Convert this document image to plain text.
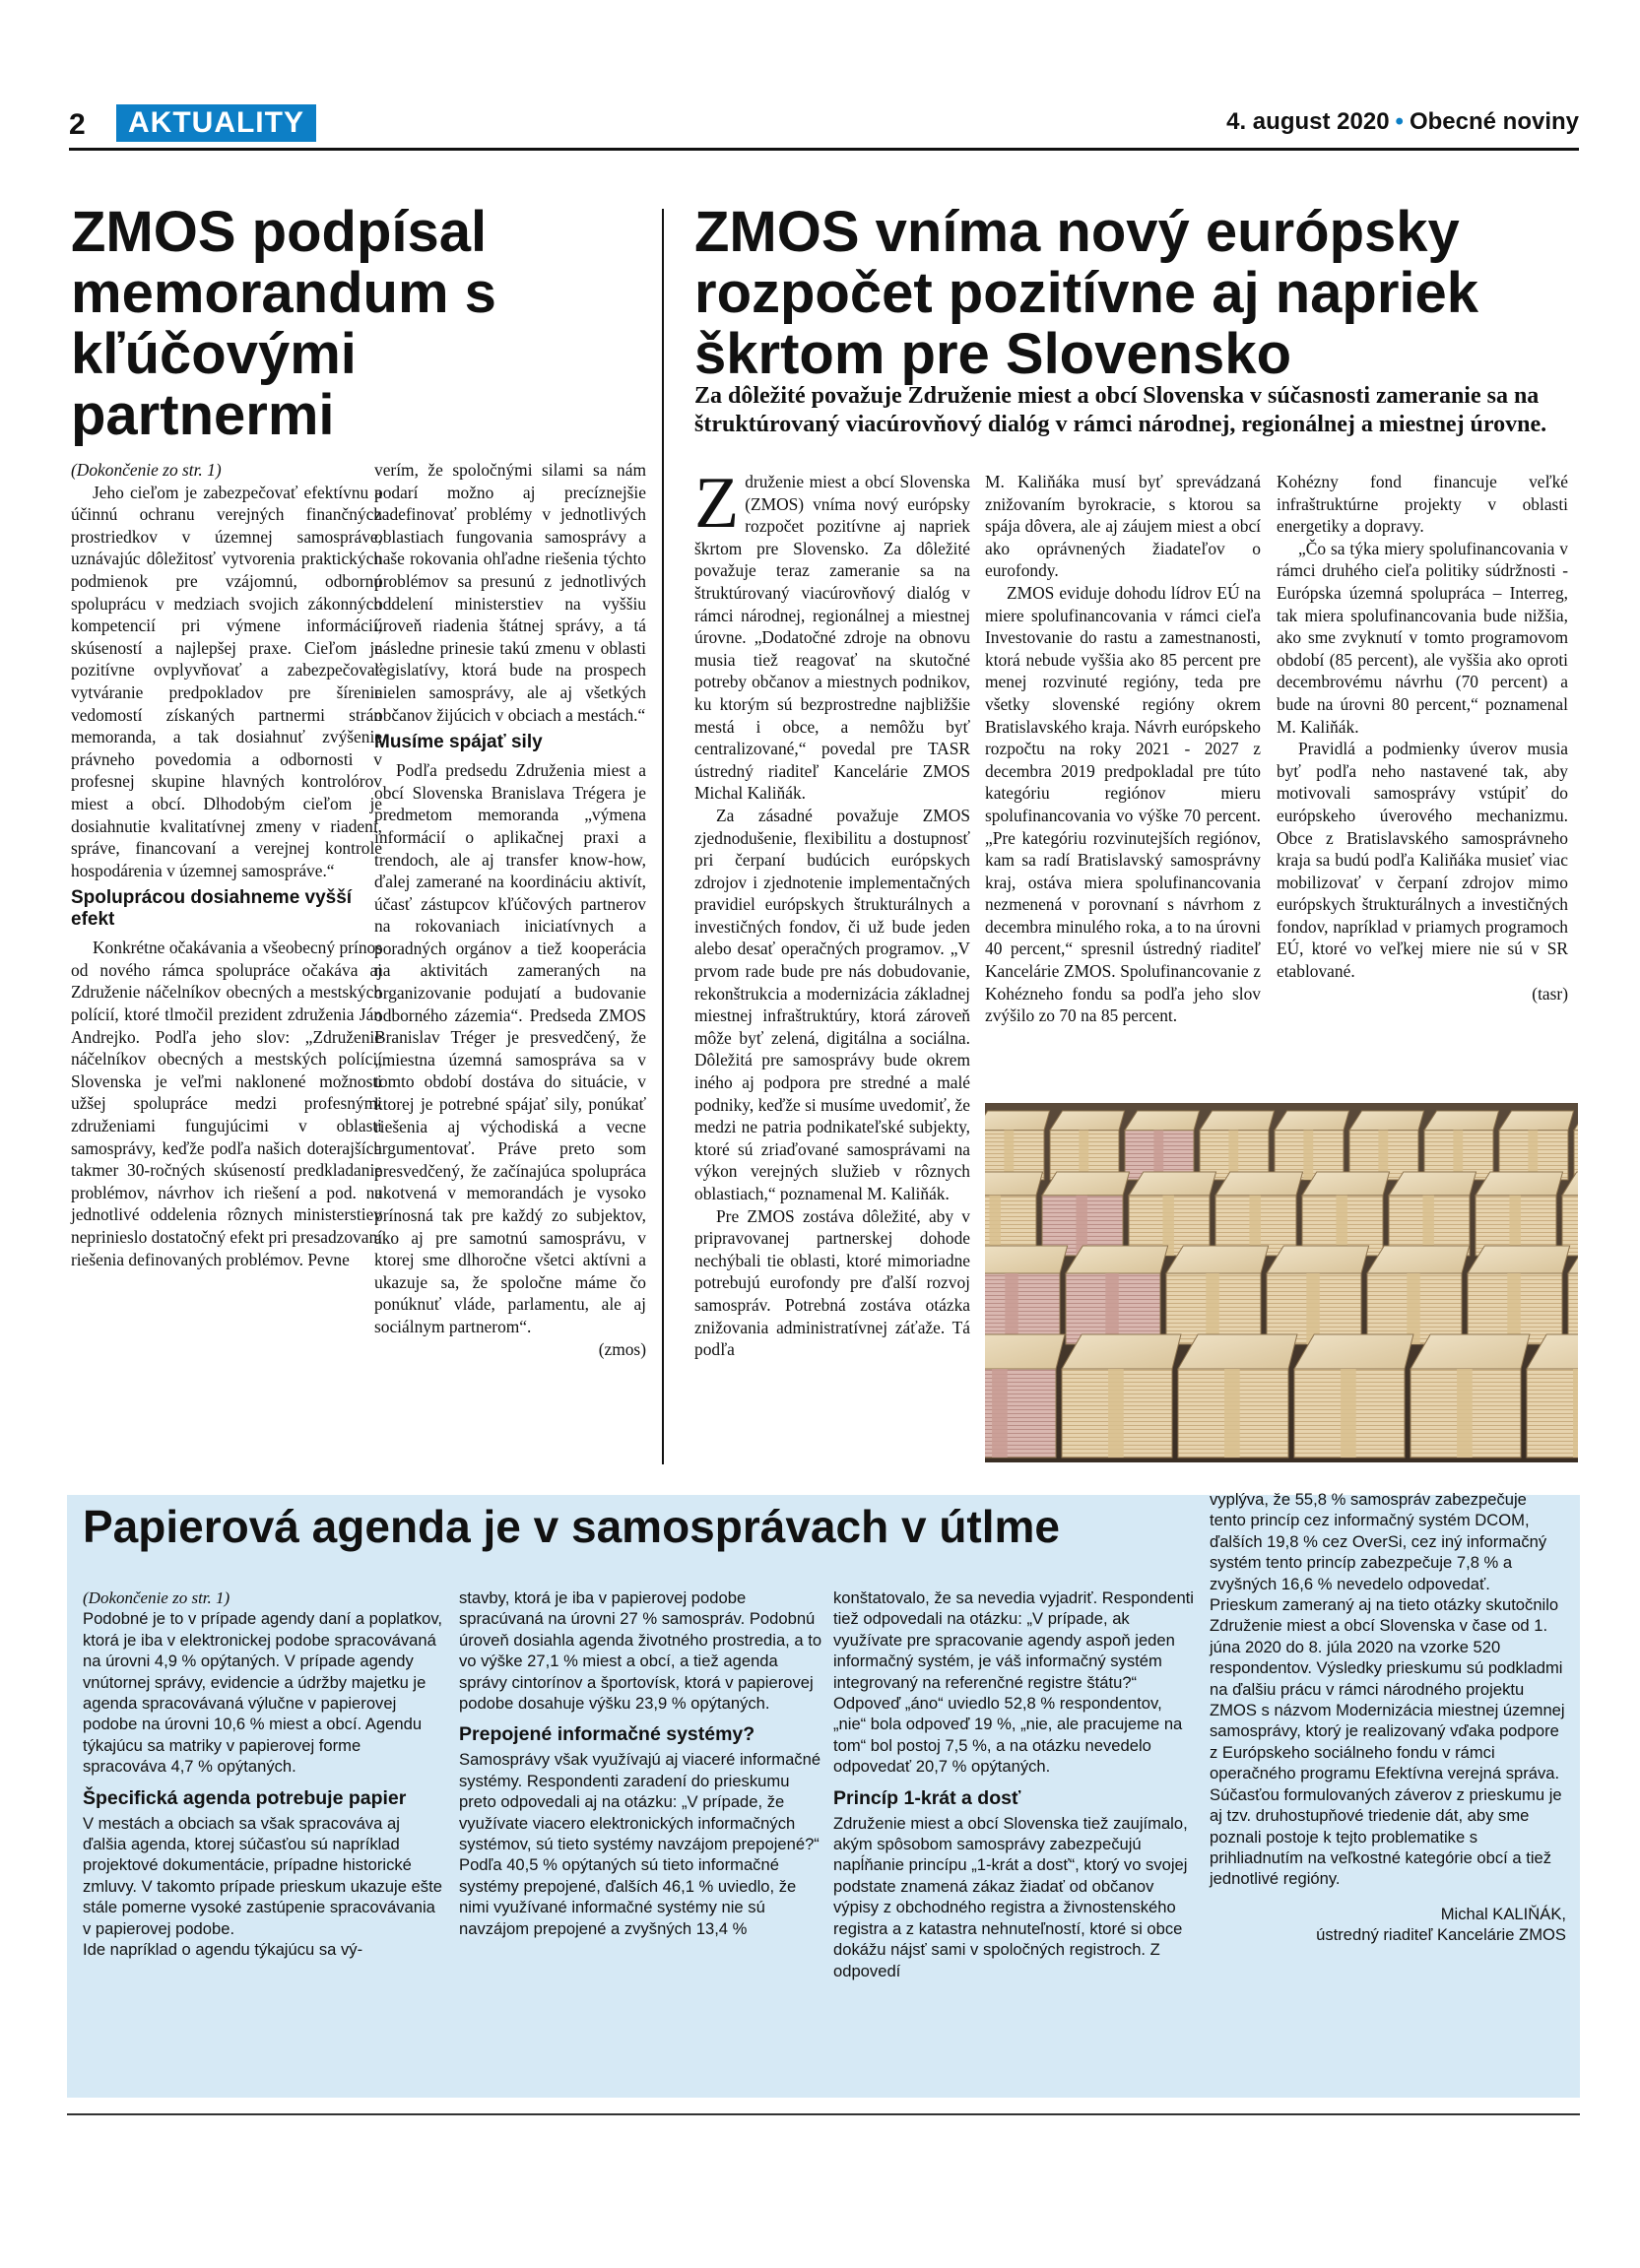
2	AKTUALITY	4. august 2020 • Obecné noviny
ZMOS podpísal memorandum s kľúčovými partnermi

(Dokončenie zo str. 1)

Jeho cieľom je zabezpečovať efektívnu a účinnú ochranu verejných finančných prostriedkov v územnej samospráve, uznávajúc dôležitosť vytvorenia praktických podmienok pre vzájomnú, odbornú spoluprácu v medziach svojich zákonných kompetencií pri výmene informácií, skúseností a najlepšej praxe. Cieľom je pozitívne ovplyvňovať a zabezpečovať vytváranie predpokladov pre šírenie vedomostí získaných partnermi strán memoranda, a tak dosiahnuť zvýšenie právneho povedomia a odbornosti v profesnej skupine hlavných kontrolórov miest a obcí. Dlhodobým cieľom je dosiahnutie kvalitatívnej zmeny v riadení, správe, financovaní a verejnej kontrole hospodárenia v územnej samospráve.“

Spoluprácou dosiahneme vyšší efekt

Konkrétne očakávania a všeobecný prínos od nového rámca spolupráce očakáva aj Združenie náčelníkov obecných a mestských polícií, ktoré tlmočil prezident združenia Ján Andrejko. Podľa jeho slov: „Združenie náčelníkov obecných a mestských polícií Slovenska je veľmi naklonené možnosti užšej spolupráce medzi profesnými združeniami fungujúcimi v oblasti samosprávy, keďže podľa našich doterajších takmer 30-ročných skúseností predkladanie problémov, návrhov ich riešení a pod. na jednotlivé oddelenia rôznych ministerstiev neprinieslo dostatočný efekt pri presadzovaní riešenia definovaných problémov. Pevne

verím, že spoločnými silami sa nám podarí možno aj precíznejšie zadefinovať problémy v jednotlivých oblastiach fungovania samosprávy a naše rokovania ohľadne riešenia týchto problémov sa presunú z jednotlivých oddelení ministerstiev na vyššiu úroveň riadenia štátnej správy, a tá následne prinesie takú zmenu v oblasti legislatívy, ktorá bude na prospech nielen samosprávy, ale aj všetkých občanov žijúcich v obciach a mestách.“

Musíme spájať sily

Podľa predsedu Združenia miest a obcí Slovenska Branislava Trégera je predmetom memoranda „výmena informácií o aplikačnej praxi a trendoch, ale aj transfer know-how, ďalej zamerané na koordináciu aktivít, účasť zástupcov kľúčových partnerov na rokovaniach iniciatívnych a poradných orgánov a tiež kooperácia na aktivitách zameraných na organizovanie podujatí a budovanie odborného zázemia“. Predseda ZMOS Branislav Tréger je presvedčený, že „miestna územná samospráva sa v tomto období dostáva do situácie, v ktorej je potrebné spájať sily, ponúkať riešenia aj východiská a vecne argumentovať. Práve preto som presvedčený, že začínajúca spolupráca ukotvená v memorandách je vysoko prínosná tak pre každý zo subjektov, ako aj pre samotnú samosprávu, v ktorej sme dlhoročne všetci aktívni a ukazuje sa, že spoločne máme čo ponúknuť vláde, parlamentu, ale aj sociálnym partnerom“.

(zmos)

ZMOS vníma nový európsky rozpočet pozitívne aj napriek škrtom pre Slovensko
Za dôležité považuje Združenie miest a obcí Slovenska v súčasnosti zameranie sa na štruktúrovaný viacúrovňový dialóg v rámci národnej, regionálnej a miestnej úrovne.

Združenie miest a obcí Slovenska (ZMOS) vníma nový európsky rozpočet pozitívne aj napriek škrtom pre Slovensko. Za dôležité považuje teraz zameranie sa na štruktúrovaný viacúrovňový dialóg v rámci národnej, regionálnej a miestnej úrovne. „Dodatočné zdroje na obnovu musia tiež reagovať na skutočné potreby občanov a miestnych podnikov, ku ktorým sú bezprostredne najbližšie mestá i obce, a nemôžu byť centralizované,“ povedal pre TASR ústredný riaditeľ Kancelárie ZMOS Michal Kaliňák.

Za zásadné považuje ZMOS zjednodušenie, flexibilitu a dostupnosť pri čerpaní budúcich európskych zdrojov i zjednotenie implementačných pravidiel európskych štrukturálnych a investičných fondov, či už bude jeden alebo desať operačných programov. „V prvom rade bude pre nás dobudovanie, rekonštrukcia a modernizácia základnej miestnej infraštruktúry, ktorá zároveň môže byť zelená, digitálna a sociálna. Dôležitá pre samosprávy bude okrem iného aj podpora pre stredné a malé podniky, keďže si musíme uvedomiť, že medzi ne patria podnikateľské subjekty, ktoré sú zriaďované samosprávami na výkon verejných služieb v rôznych oblastiach,“ poznamenal M. Kaliňák.

Pre ZMOS zostáva dôležité, aby v pripravovanej partnerskej dohode nechýbali tie oblasti, ktoré mimoriadne potrebujú eurofondy pre ďalší rozvoj samospráv. Potrebná zostáva otázka znižovania administratívnej záťaže. Tá podľa

M. Kaliňáka musí byť sprevádzaná znižovaním byrokracie, s ktorou sa spája dôvera, ale aj záujem miest a obcí ako oprávnených žiadateľov o eurofondy.

ZMOS eviduje dohodu lídrov EÚ na miere spolufinancovania v rámci cieľa Investovanie do rastu a zamestnanosti, ktorá nebude vyššia ako 85 percent pre menej rozvinuté regióny, teda pre všetky slovenské regióny okrem Bratislavského kraja. Návrh európskeho rozpočtu na roky 2021 - 2027 z decembra 2019 predpokladal pre túto kategóriu regiónov mieru spolufinancovania vo výške 70 percent. „Pre kategóriu rozvinutejších regiónov, kam sa radí Bratislavský samosprávny kraj, ostáva miera spolufinancovania nezmenená v porovnaní s návrhom z decembra minulého roka, a to na úrovni 40 percent,“ spresnil ústredný riaditeľ Kancelárie ZMOS. Spolufinancovanie z Kohézneho fondu sa podľa jeho slov zvýšilo zo 70 na 85 percent.

Kohézny fond financuje veľké infraštruktúrne projekty v oblasti energetiky a dopravy.

„Čo sa týka miery spolufinancovania v rámci druhého cieľa politiky súdržnosti - Európska územná spolupráca – Interreg, tak miera spolufinancovania bude nižšia, ako sme zvyknutí v tomto programovom období (85 percent), ale vyššia ako oproti decembrovému návrhu (70 percent) a bude na úrovni 80 percent,“ poznamenal M. Kaliňák.

Pravidlá a podmienky úverov musia byť podľa neho nastavené tak, aby motivovali samosprávy vstúpiť do európskeho úverového mechanizmu. Obce z Bratislavského samosprávneho kraja sa budú podľa Kaliňáka musieť viac mobilizovať v čerpaní zdrojov mimo európskych štrukturálnych a investičných fondov, napríklad v priamych programoch EÚ, ktoré vo veľkej miere nie sú v SR etablované.

(tasr)

Papierová agenda je v samosprávach v útlme

(Dokončenie zo str. 1)

Podobné je to v prípade agendy daní a poplatkov, ktorá je iba v elektronickej podobe spracovávaná na úrovni 4,9 % opýtaných. V prípade agendy vnútornej správy, evidencie a údržby majetku je agenda spracovávaná výlučne v papierovej podobe na úrovni 10,6 % miest a obcí. Agendu týkajúcu sa matriky v papierovej forme spracováva 4,7 % opýtaných.

Špecifická agenda potrebuje papier

V mestách a obciach sa však spracováva aj ďalšia agenda, ktorej súčasťou sú napríklad projektové dokumentácie, prípadne historické zmluvy. V takomto prípade prieskum ukazuje ešte stále pomerne vysoké zastúpenie spracovávania v papierovej podobe.

Ide napríklad o agendu týkajúcu sa vý-

stavby, ktorá je iba v papierovej podobe spracúvaná na úrovni 27 % samospráv. Podobnú úroveň dosiahla agenda životného prostredia, a to vo výške 27,1 % miest a obcí, a tiež agenda správy cintorínov a športovísk, ktorá v papierovej podobe dosahuje výšku 23,9 % opýtaných.

Prepojené informačné systémy?

Samosprávy však využívajú aj viaceré informačné systémy. Respondenti zaradení do prieskumu preto odpovedali aj na otázku: „V prípade, že využívate viacero elektronických informačných systémov, sú tieto systémy navzájom prepojené?“ Podľa 40,5 % opýtaných sú tieto informačné systémy prepojené, ďalších 46,1 % uviedlo, že nimi využívané informačné systémy nie sú navzájom prepojené a zvyšných 13,4 %

konštatovalo, že sa nevedia vyjadriť. Respondenti tiež odpovedali na otázku: „V prípade, ak využívate pre spracovanie agendy aspoň jeden informačný systém, je váš informačný systém integrovaný na referenčné registre štátu?“ Odpoveď „áno“ uviedlo 52,8 % respondentov, „nie“ bola odpoveď 19 %, „nie, ale pracujeme na tom“ bol postoj 7,5 %, a na otázku nevedelo odpovedať 20,7 % opýtaných.

Princíp 1-krát a dosť

Združenie miest a obcí Slovenska tiež zaujímalo, akým spôsobom samosprávy zabezpečujú napĺňanie princípu „1-krát a dosť“, ktorý vo svojej podstate znamená zákaz žiadať od občanov výpisy z obchodného registra a živnostenského registra a z katastra nehnuteľností, ktoré si obce dokážu nájsť sami v spoločných registroch. Z odpovedí

vyplýva, že 55,8 % samospráv zabezpečuje tento princíp cez informačný systém DCOM, ďalších 19,8 % cez OverSi, cez iný informačný systém tento princíp zabezpečuje 7,8 % a zvyšných 16,6 % nevedelo odpovedať.

Prieskum zameraný aj na tieto otázky skutočnilo Združenie miest a obcí Slovenska v čase od 1. júna 2020 do 8. júla 2020 na vzorke 520 respondentov. Výsledky prieskumu sú podkladmi na ďalšiu prácu v rámci národného projektu ZMOS s názvom Modernizácia miestnej územnej samosprávy, ktorý je realizovaný vďaka podpore z Európskeho sociálneho fondu v rámci operačného programu Efektívna verejná správa. Súčasťou formulovaných záverov z prieskumu je aj tzv. druhostupňové triedenie dát, aby sme poznali postoje k tejto problematike s prihliadnutím na veľkostné kategórie obcí a tiež jednotlivé regióny.

Michal KALIŇÁK,
ústredný riaditeľ Kancelárie ZMOS
